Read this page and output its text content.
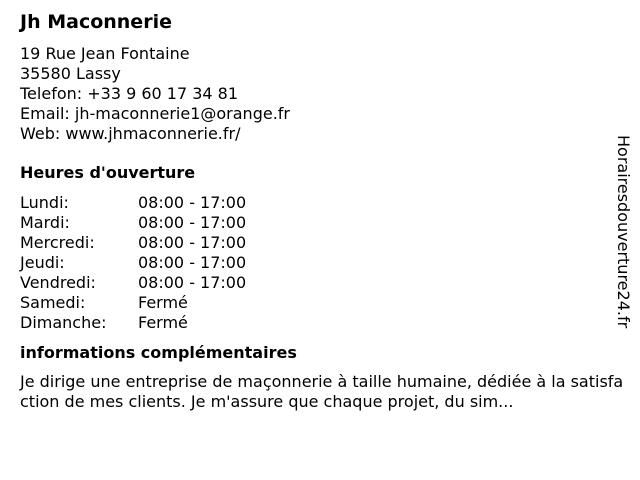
Jh Maconnerie
19 Rue Jean Fontaine
35580 Lassy
Telefon: +33 9 60 17 34 81
Email: jh-maconnerie1@orange.fr
Web: www.jhmaconnerie.fr/
Heures d'ouverture
Lundi:	08:00 - 17:00
Mardi:	08:00 - 17:00
Mercredi:	08:00 - 17:00
Jeudi:	08:00 - 17:00
Vendredi:	08:00 - 17:00
Samedi:	Fermé
Dimanche:	Fermé
informations complémentaires
Je dirige une entreprise de maçonnerie à taille humaine, dédiée à la satisfaction de mes clients. Je m'assure que chaque projet, du sim...
Horairesdouverture24.fr
